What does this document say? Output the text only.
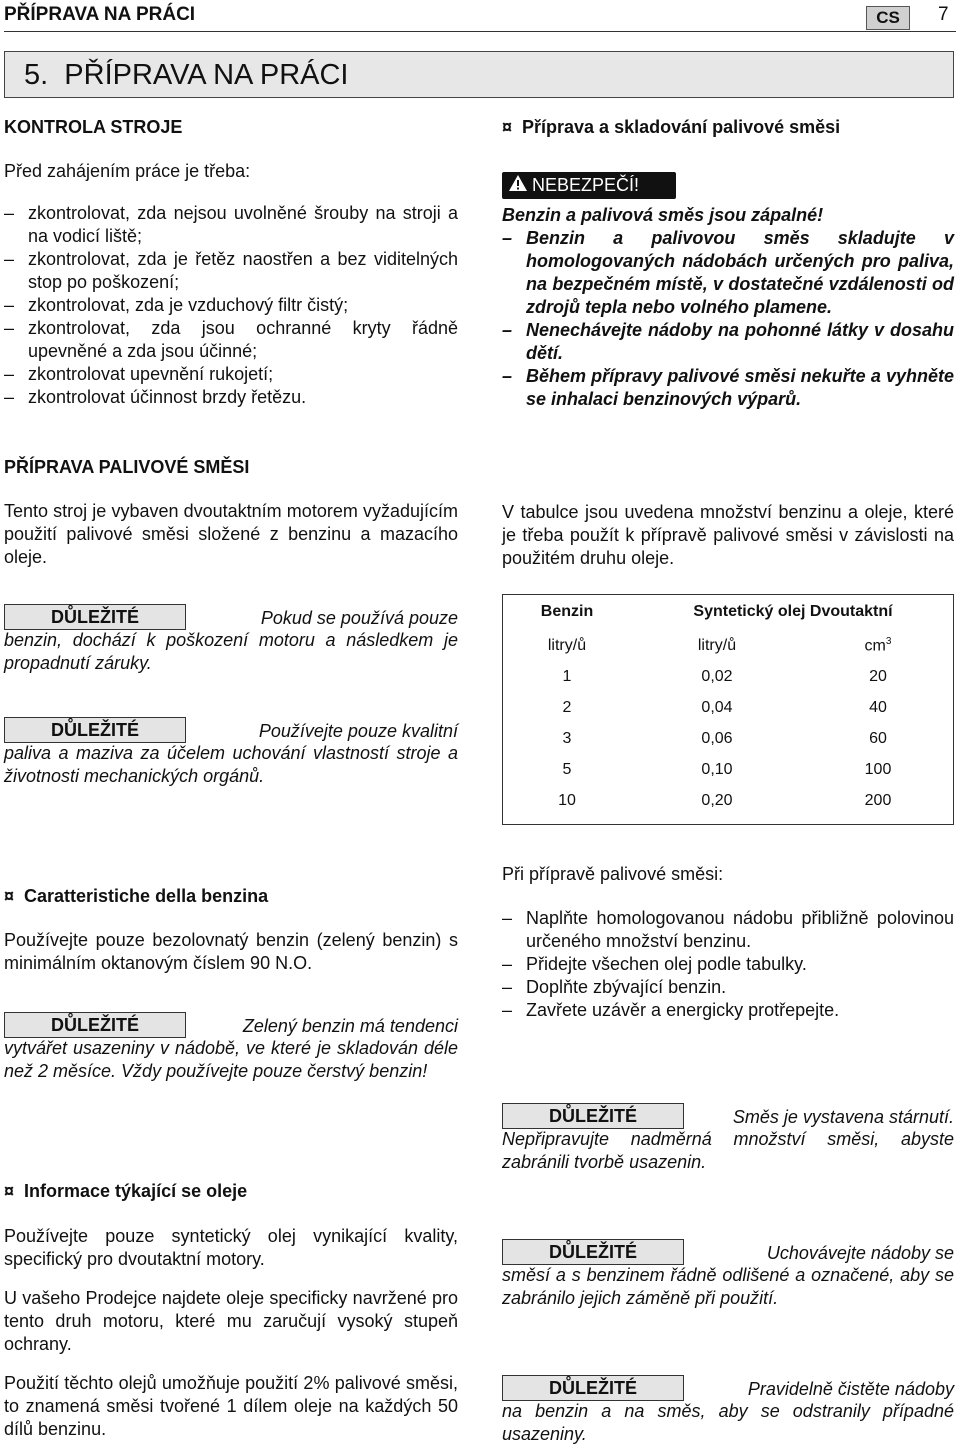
PŘÍPRAVA NA PRÁCI	CS	7
5.  PŘÍPRAVA NA PRÁCI

KONTROLA STROJE

Před zahájením práce je třeba:

– zkontrolovat, zda nejsou uvolněné šrouby na stroji a na vodicí liště;
– zkontrolovat, zda je řetěz naostřen a bez viditelných stop po poškození;
– zkontrolovat, zda je vzduchový filtr čistý;
– zkontrolovat, zda jsou ochranné kryty řádně upevněné a zda jsou účinné;
– zkontrolovat upevnění rukojetí;
– zkontrolovat účinnost brzdy řetězu.

PŘÍPRAVA PALIVOVÉ SMĚSI

Tento stroj je vybaven dvoutaktním motorem vyžadujícím použití palivové směsi složené z benzinu a mazacího oleje.

DŮLEŽITÉ	Pokud se používá pouze

benzin, dochází k poškození motoru a následkem je propadnutí záruky.

DŮLEŽITÉ	Používejte pouze kvalitní

paliva a maziva za účelem uchování vlastností stroje a životnosti mechanických orgánů.

¤  Příprava a skladování palivové směsi

NEBEZPEČÍ!

Benzin a palivová směs jsou zápalné!

– Benzin a palivovou směs skladujte v homologovaných nádobách určených pro paliva, na bezpečném místě, v dostatečné vzdálenosti od zdrojů tepla nebo volného plamene.
– Nenechávejte nádoby na pohonné látky v dosahu dětí.
– Během přípravy palivové směsi nekuřte a vyhněte se inhalaci benzinových výparů.
V tabulce jsou uvedena množství benzinu a oleje, které je třeba použít k přípravě palivové směsi v závislosti na použitém druhu oleje.
Benzin	Syntetický olej Dvoutaktní	
litry/ů	litry/ů	$cm^3$
1	0,02	20
2	0,04	40
3	0,06	60
5	0,10	100
10	0,20	200

¤  Caratteristiche della benzina

Používejte pouze bezolovnatý benzin (zelený benzin) s minimálním oktanovým číslem 90 N.O.

DŮLEŽITÉ	Zelený benzin má tendenci

vytvářet usazeniny v nádobě, ve které je skladován déle než 2 měsíce. Vždy používejte pouze čerstvý benzin!

¤  Informace týkající se oleje

Používejte pouze syntetický olej vynikající kvality, specifický pro dvoutaktní motory.

U vašeho Prodejce najdete oleje specificky navržené pro tento druh motoru, které mu zaručují vysoký stupeň ochrany.

Použití těchto olejů umožňuje použití 2% palivové směsi, to znamená směsi tvořené 1 dílem oleje na každých 50 dílů benzinu.

Při přípravě palivové směsi:

– Naplňte homologovanou nádobu přibližně polovinou určeného množství benzinu.
– Přidejte všechen olej podle tabulky.
– Doplňte zbývající benzin.
– Zavřete uzávěr a energicky protřepejte.
DŮLEŽITÉ	Směs je vystavena stárnutí.

Nepřipravujte nadměrná množství směsi, abyste zabránili tvorbě usazenin.

DŮLEŽITÉ	Uchovávejte nádoby se

směsí a s benzinem řádně odlišené a označené, aby se zabránilo jejich záměně při použití.

DŮLEŽITÉ	Pravidelně čistěte nádoby

na benzin a na směs, aby se odstranily případné usazeniny.
